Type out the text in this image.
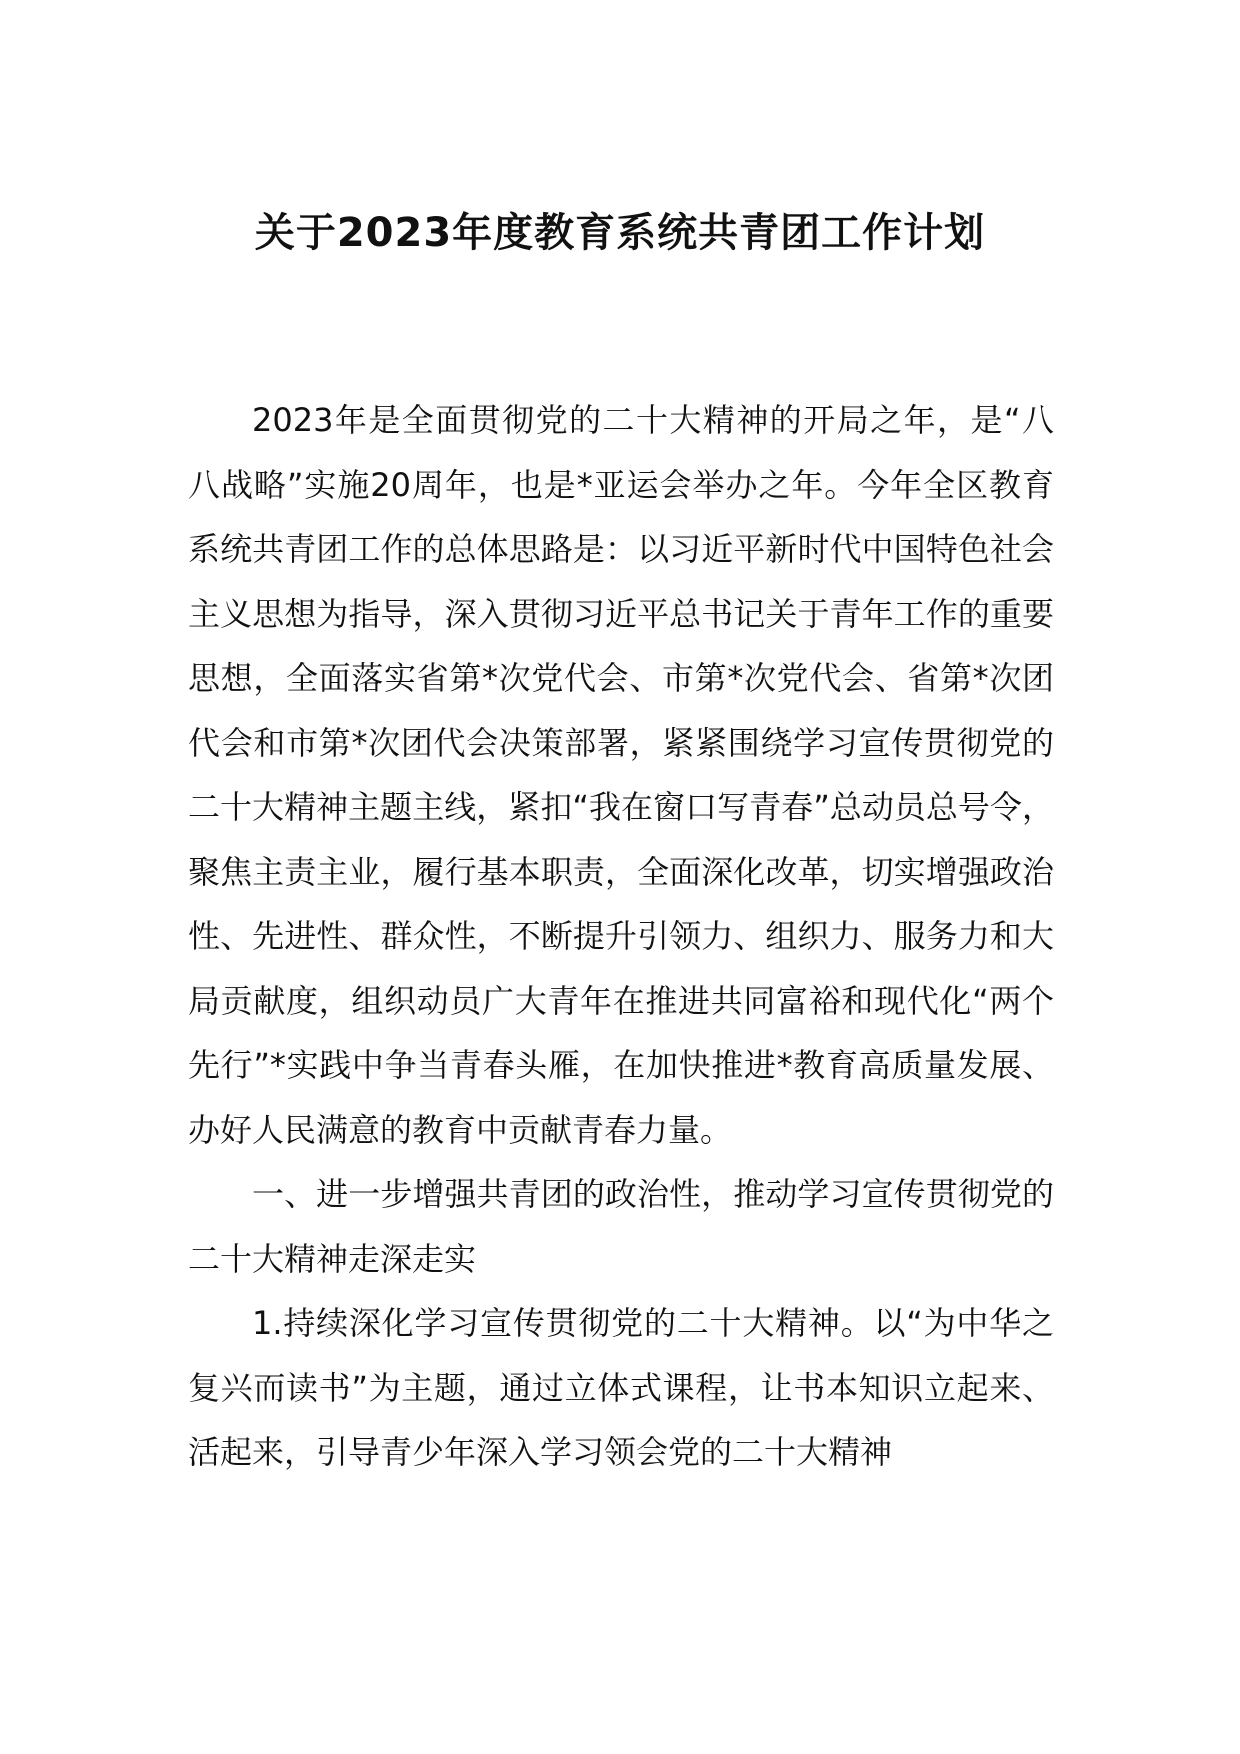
关于2023年度教育系统共青团工作计划

2023年是全面贯彻党的二十大精神的开局之年，是“八八战略”实施20周年，也是*亚运会举办之年。今年全区教育系统共青团工作的总体思路是：以习近平新时代中国特色社会主义思想为指导，深入贯彻习近平总书记关于青年工作的重要思想，全面落实省第*次党代会、市第*次党代会、省第*次团代会和市第*次团代会决策部署，紧紧围绕学习宣传贯彻党的二十大精神主题主线，紧扣“我在窗口写青春”总动员总号令，聚焦主责主业，履行基本职责，全面深化改革，切实增强政治性、先进性、群众性，不断提升引领力、组织力、服务力和大局贡献度，组织动员广大青年在推进共同富裕和现代化“两个先行”*实践中争当青春头雁，在加快推进*教育高质量发展、办好人民满意的教育中贡献青春力量。

一、进一步增强共青团的政治性，推动学习宣传贯彻党的二十大精神走深走实

1.持续深化学习宣传贯彻党的二十大精神。以“为中华之复兴而读书”为主题，通过立体式课程，让书本知识立起来、活起来，引导青少年深入学习领会党的二十大精神
